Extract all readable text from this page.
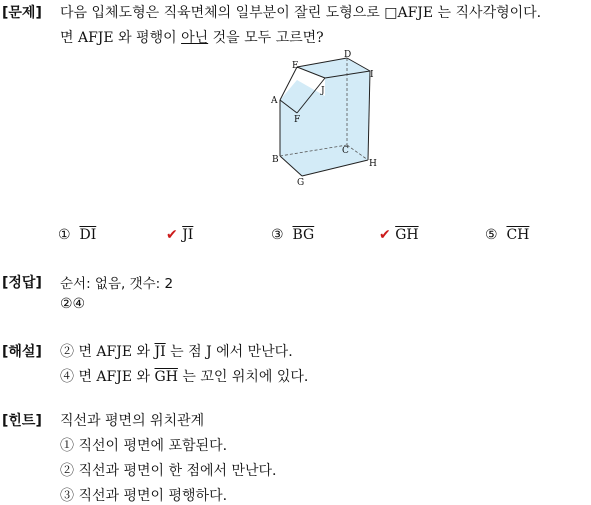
[문제] 다음 입체도형은 직육면체의 일부분이 잘린 도형으로 □AFJE 는 직사각형이다.
면 AFJE 와 평행이 아닌 것을 모두 고르면?
E
D
I
A
J
F
B
C
H
G
① $\overline{DI}$	✔ $\overline{JI}$	③ $\overline{BG}$	✔ $\overline{GH}$	⑤ $\overline{CH}$
[정답] 순서: 없음, 갯수: 2
②④
[해설] ② 면 AFJE 와 $\overline{JI}$ 는 점 J 에서 만난다.
④ 면 AFJE 와 $\overline{GH}$ 는 꼬인 위치에 있다.
[힌트] 직선과 평면의 위치관계
① 직선이 평면에 포함된다.
② 직선과 평면이 한 점에서 만난다.
③ 직선과 평면이 평행하다.
